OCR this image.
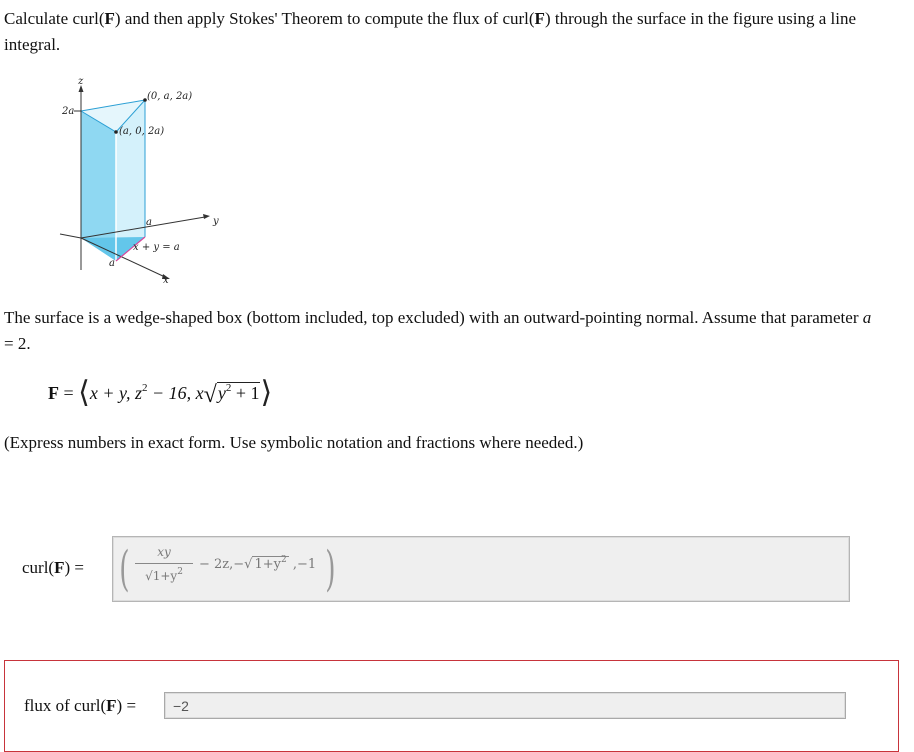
Calculate curl(F) and then apply Stokes' Theorem to compute the flux of curl(F) through the surface in the figure using a line integral.
z
y
x
2a
(0, a, 2a)
(a, 0, 2a)
a
a
x + y = a
The surface is a wedge-shaped box (bottom included, top excluded) with an outward-pointing normal. Assume that parameter a = 2.
F = ⟨x + y, $z^2 - 16$, $x√y^2$ + 1⟩
(Express numbers in exact form. Use symbolic notation and fractions where needed.)
curl(F) = (	xy
$√1+y^2$	− 2z,−√ $1+y^2$ ,−1 )
flux of curl(F) =	−2
